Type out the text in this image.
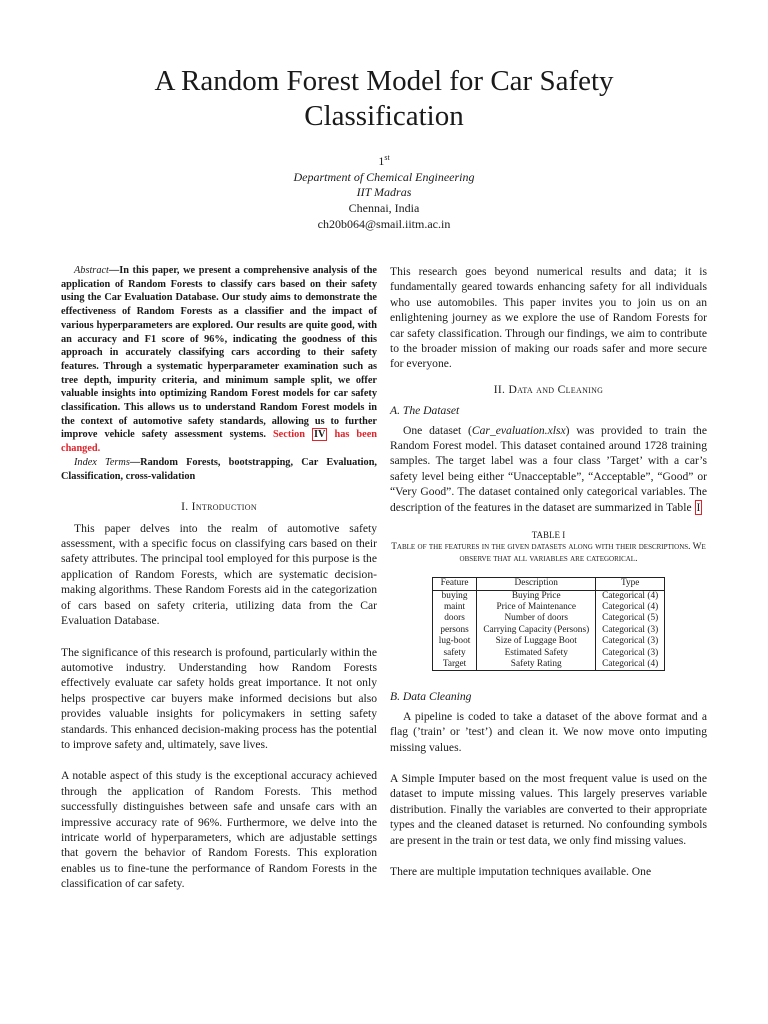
A Random Forest Model for Car Safety Classification
1st
Department of Chemical Engineering
IIT Madras
Chennai, India
ch20b064@smail.iitm.ac.in

Abstract—In this paper, we present a comprehensive analysis of the application of Random Forests to classify cars based on their safety using the Car Evaluation Database. Our study aims to demonstrate the effectiveness of Random Forests as a classifier and the impact of various hyperparameters are explored. Our results are quite good, with an accuracy and F1 score of 96%, indicating the goodness of this approach in accurately classifying cars according to their safety features. Through a systematic hyperparameter examination such as tree depth, impurity criteria, and minimum sample split, we offer valuable insights into optimizing Random Forest models for car safety classification. This allows us to understand Random Forest models in the context of automotive safety standards, allowing us to further improve vehicle safety assessment systems. Section IV has been changed.

Index Terms—Random Forests, bootstrapping, Car Evaluation, Classification, cross-validation

I. Introduction

This paper delves into the realm of automotive safety assessment, with a specific focus on classifying cars based on their safety attributes. The principal tool employed for this purpose is the application of Random Forests, which are systematic decision-making algorithms. These Random Forests aid in the categorization of cars based on safety criteria, utilizing data from the Car Evaluation Database.

The significance of this research is profound, particularly within the automotive industry. Understanding how Random Forests effectively evaluate car safety holds great importance. It not only helps prospective car buyers make informed decisions but also provides valuable insights for policymakers in setting safety standards. This enhanced decision-making process has the potential to improve safety and, ultimately, save lives.

A notable aspect of this study is the exceptional accuracy achieved through the application of Random Forests. This method successfully distinguishes between safe and unsafe cars with an impressive accuracy rate of 96%. Furthermore, we delve into the intricate world of hyperparameters, which are adjustable settings that govern the behavior of Random Forests. This exploration enables us to fine-tune the performance of Random Forests in the classification of car safety.

This research goes beyond numerical results and data; it is fundamentally geared towards enhancing safety for all individuals who use automobiles. This paper invites you to join us on an enlightening journey as we explore the use of Random Forests for car safety classification. Through our findings, we aim to contribute to the broader mission of making our roads safer and more secure for everyone.

II. Data and Cleaning
A. The Dataset

One dataset (Car_evaluation.xlsx) was provided to train the Random Forest model. This dataset contained around 1728 training samples. The target label was a four class ’Target’ with a car’s safety level being either “Unacceptable”, “Acceptable”, “Good” or “Very Good”. The dataset contained only categorical variables. The description of the features in the dataset are summarized in Table I

TABLE I
Table of the features in the given datasets along with their descriptions. We observe that all variables are categorical.
Feature	Description	Type
buying	Buying Price	Categorical (4)
maint	Price of Maintenance	Categorical (4)
doors	Number of doors	Categorical (5)
persons	Carrying Capacity (Persons)	Categorical (3)
lug-boot	Size of Luggage Boot	Categorical (3)
safety	Estimated Safety	Categorical (3)
Target	Safety Rating	Categorical (4)
B. Data Cleaning

A pipeline is coded to take a dataset of the above format and a flag (’train’ or ’test’) and clean it. We now move onto imputing missing values.

A Simple Imputer based on the most frequent value is used on the dataset to impute missing values. This largely preserves variable distribution. Finally the variables are converted to their appropriate types and the cleaned dataset is returned. No confounding symbols are present in the train or test data, we only find missing values.

There are multiple imputation techniques available. One
